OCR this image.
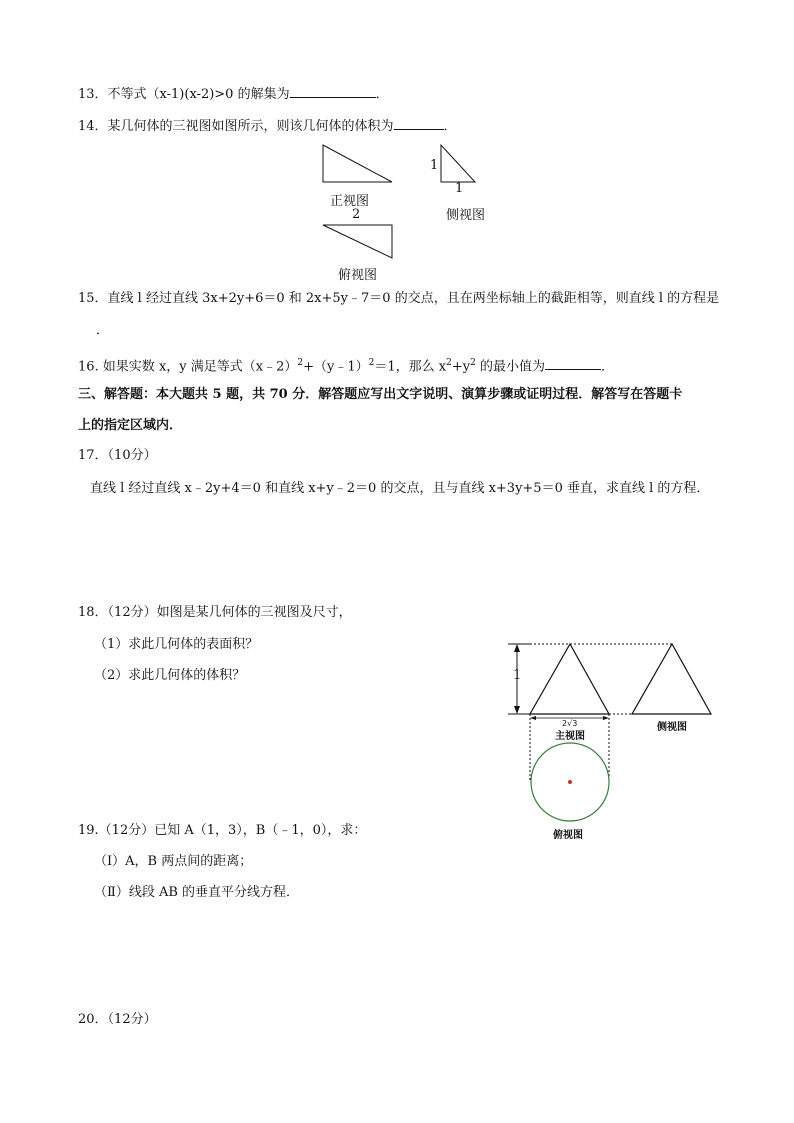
13．不等式（x-1)(x-2)>0 的解集为	．
14．某几何体的三视图如图所示，则该几何体的体积为	．
正视图
1
1
侧视图
2
俯视图
15．直线 l 经过直线 3x+2y+6＝0 和 2x+5y﹣7＝0 的交点，且在两坐标轴上的截距相等，则直线 l 的方程是
．
16. 如果实数 x，y 满足等式（x﹣2）$^2$+（y﹣1）$^2$＝1，那么 $x^2+y^2$ 的最小值为	．
三、解答题：本大题共 5 题，共 70 分．解答题应写出文字说明、演算步骤或证明过程．解答写在答题卡
上的指定区域内．
17．（10分）
直线 l 经过直线 x﹣2y+4＝0 和直线 x+y﹣2＝0 的交点，且与直线 x+3y+5＝0 垂直，求直线 l 的方程．
18．（12分）如图是某几何体的三视图及尺寸，
（1）求此几何体的表面积？
（2）求此几何体的体积？	1
2√3
主视图
侧视图
俯视图
19.（12分）已知 A（1，3），B（﹣1，0），求：
（Ⅰ）A，B 两点间的距离；
（Ⅱ）线段 AB 的垂直平分线方程．
20．（12分）
